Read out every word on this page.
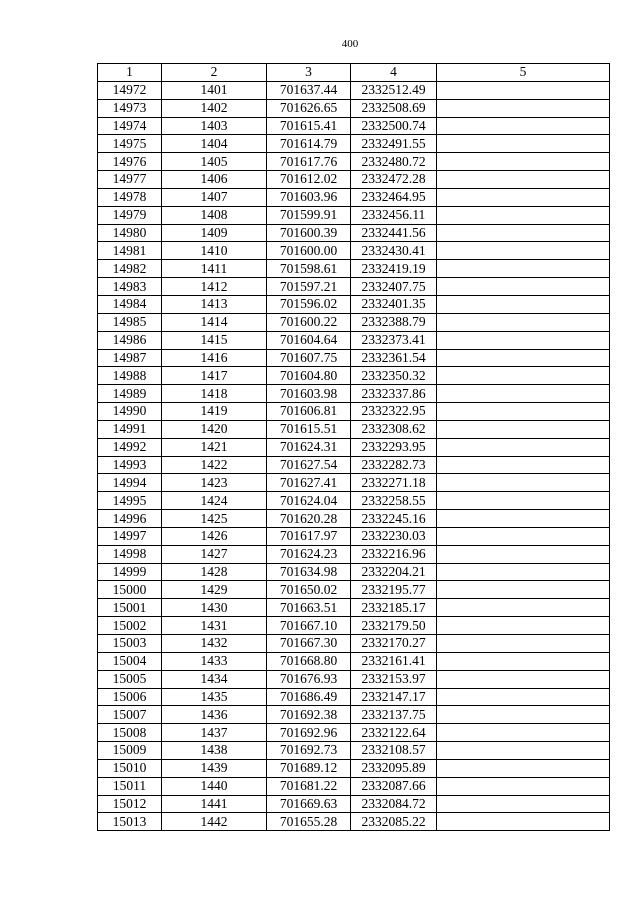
400
1	2	3	4	5
14972	1401	701637.44	2332512.49	
14973	1402	701626.65	2332508.69	
14974	1403	701615.41	2332500.74	
14975	1404	701614.79	2332491.55	
14976	1405	701617.76	2332480.72	
14977	1406	701612.02	2332472.28	
14978	1407	701603.96	2332464.95	
14979	1408	701599.91	2332456.11	
14980	1409	701600.39	2332441.56	
14981	1410	701600.00	2332430.41	
14982	1411	701598.61	2332419.19	
14983	1412	701597.21	2332407.75	
14984	1413	701596.02	2332401.35	
14985	1414	701600.22	2332388.79	
14986	1415	701604.64	2332373.41	
14987	1416	701607.75	2332361.54	
14988	1417	701604.80	2332350.32	
14989	1418	701603.98	2332337.86	
14990	1419	701606.81	2332322.95	
14991	1420	701615.51	2332308.62	
14992	1421	701624.31	2332293.95	
14993	1422	701627.54	2332282.73	
14994	1423	701627.41	2332271.18	
14995	1424	701624.04	2332258.55	
14996	1425	701620.28	2332245.16	
14997	1426	701617.97	2332230.03	
14998	1427	701624.23	2332216.96	
14999	1428	701634.98	2332204.21	
15000	1429	701650.02	2332195.77	
15001	1430	701663.51	2332185.17	
15002	1431	701667.10	2332179.50	
15003	1432	701667.30	2332170.27	
15004	1433	701668.80	2332161.41	
15005	1434	701676.93	2332153.97	
15006	1435	701686.49	2332147.17	
15007	1436	701692.38	2332137.75	
15008	1437	701692.96	2332122.64	
15009	1438	701692.73	2332108.57	
15010	1439	701689.12	2332095.89	
15011	1440	701681.22	2332087.66	
15012	1441	701669.63	2332084.72	
15013	1442	701655.28	2332085.22	
